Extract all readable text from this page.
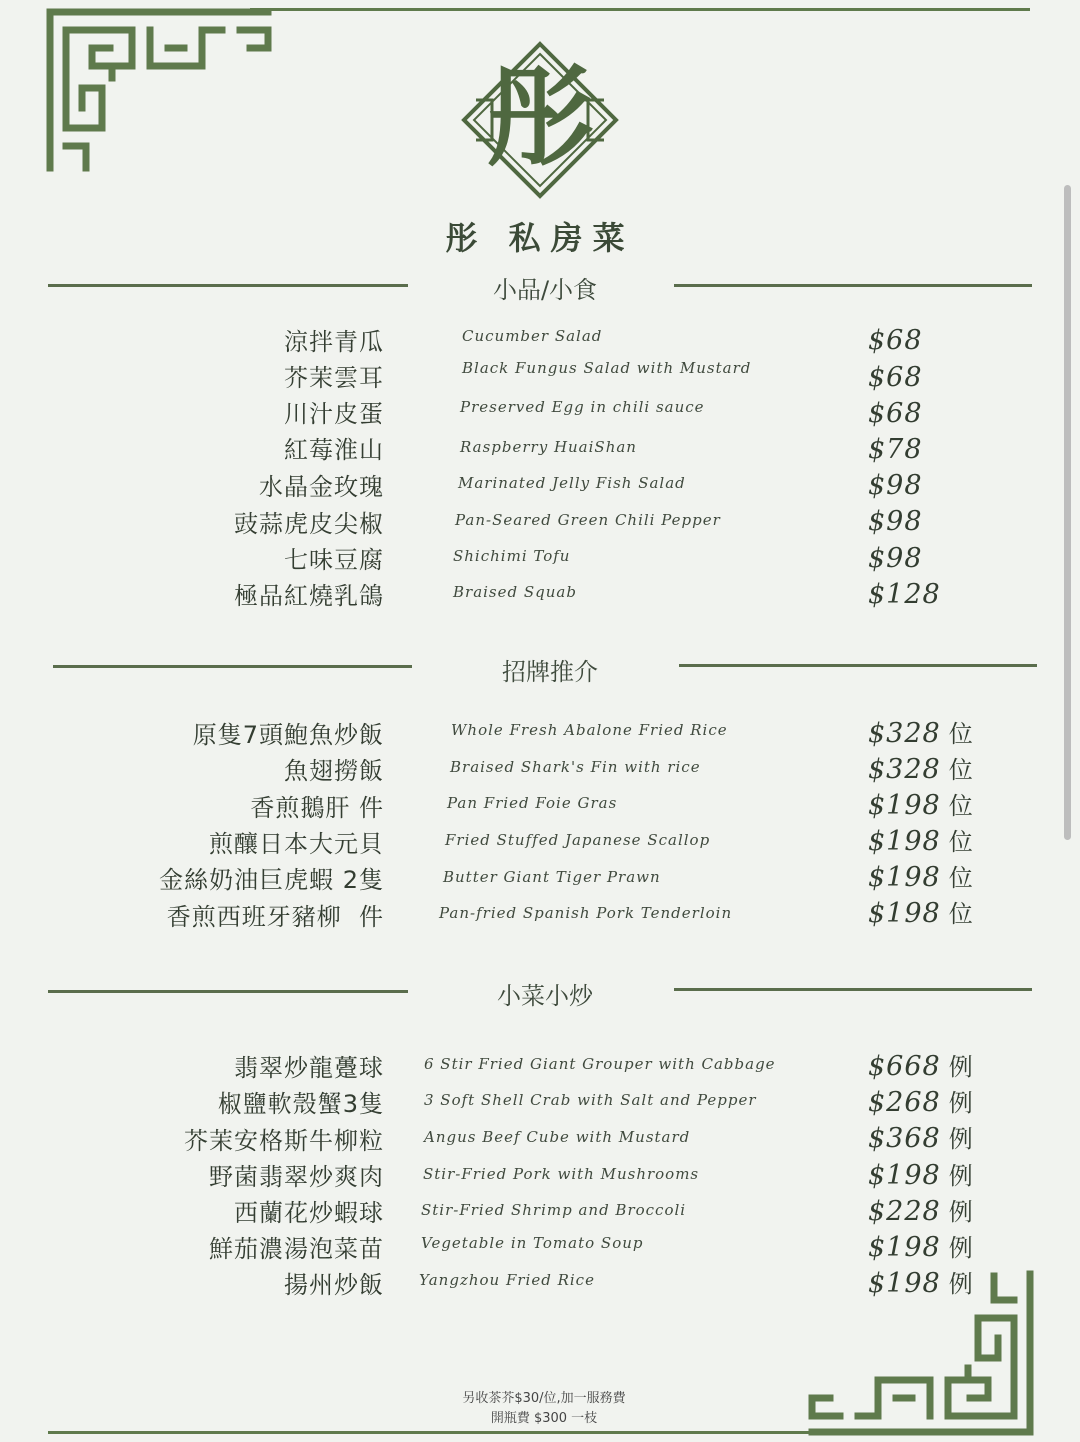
彤
彤 私房菜
小品/小食
涼拌青瓜	Cucumber Salad	$68
芥茉雲耳	Black Fungus Salad with Mustard	$68
川汁皮蛋	Preserved Egg in chili sauce	$68
紅莓淮山	Raspberry HuaiShan	$78
水晶金玫瑰	Marinated Jelly Fish Salad	$98
豉蒜虎皮尖椒	Pan-Seared Green Chili Pepper	$98
七味豆腐	Shichimi Tofu	$98
極品紅燒乳鴿	Braised Squab	$128
招牌推介
原隻7頭鮑魚炒飯	Whole Fresh Abalone Fried Rice	$328 位
魚翅撈飯	Braised Shark's Fin with rice	$328 位
香煎鵝肝 件	Pan Fried Foie Gras	$198 位
煎釀日本大元貝	Fried Stuffed Japanese Scallop	$198 位
金絲奶油巨虎蝦 2隻	Butter Giant Tiger Prawn	$198 位
香煎西班牙豬柳  件	Pan-fried Spanish Pork Tenderloin	$198 位
小菜小炒
翡翠炒龍躉球	6 Stir Fried Giant Grouper with Cabbage	$668 例
椒鹽軟殼蟹3隻	3 Soft Shell Crab with Salt and Pepper	$268 例
芥茉安格斯牛柳粒	Angus Beef Cube with Mustard	$368 例
野菌翡翠炒爽肉	Stir-Fried Pork with Mushrooms	$198 例
西蘭花炒蝦球 Stir-Fried Shrimp and Broccoli	$228 例
鮮茄濃湯泡菜苗 Vegetable in Tomato Soup	$198 例
揚州炒飯 Yangzhou Fried Rice	$198 例
另收茶芥$30/位,加一服務費
開瓶費 $300 一枝
